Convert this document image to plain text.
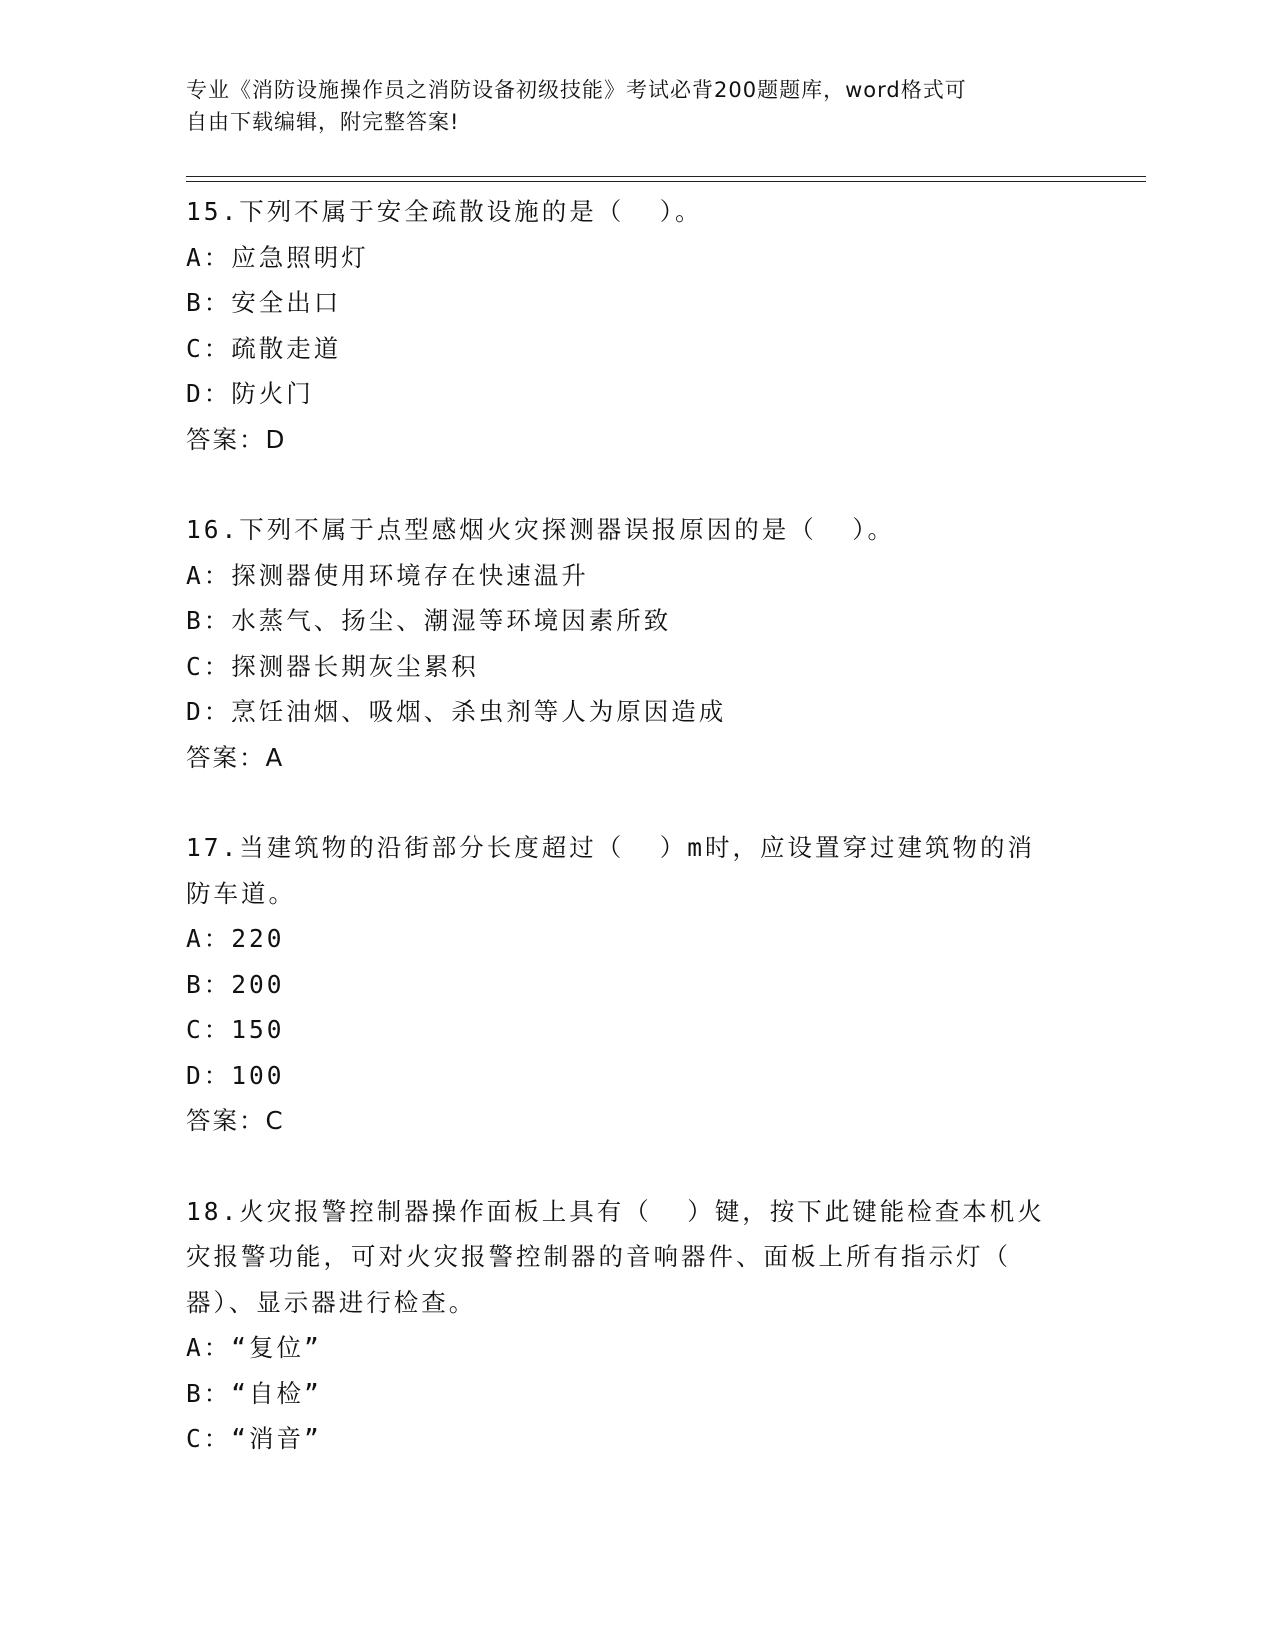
专业《消防设施操作员之消防设备初级技能》考试必背200题题库，word格式可
自由下载编辑，附完整答案!
15.下列不属于安全疏散设施的是（  ）。
A：应急照明灯
B：安全出口
C：疏散走道
D：防火门
答案：D
16.下列不属于点型感烟火灾探测器误报原因的是（  ）。
A：探测器使用环境存在快速温升
B：水蒸气、扬尘、潮湿等环境因素所致
C：探测器长期灰尘累积
D：烹饪油烟、吸烟、杀虫剂等人为原因造成
答案：A
17.当建筑物的沿街部分长度超过（  ）m时，应设置穿过建筑物的消
防车道。
A：220
B：200
C：150
D：100
答案：C
18.火灾报警控制器操作面板上具有（  ）键，按下此键能检查本机火
灾报警功能，可对火灾报警控制器的音响器件、面板上所有指示灯（
器）、显示器进行检查。
A：“复位”
B：“自检”
C：“消音”
